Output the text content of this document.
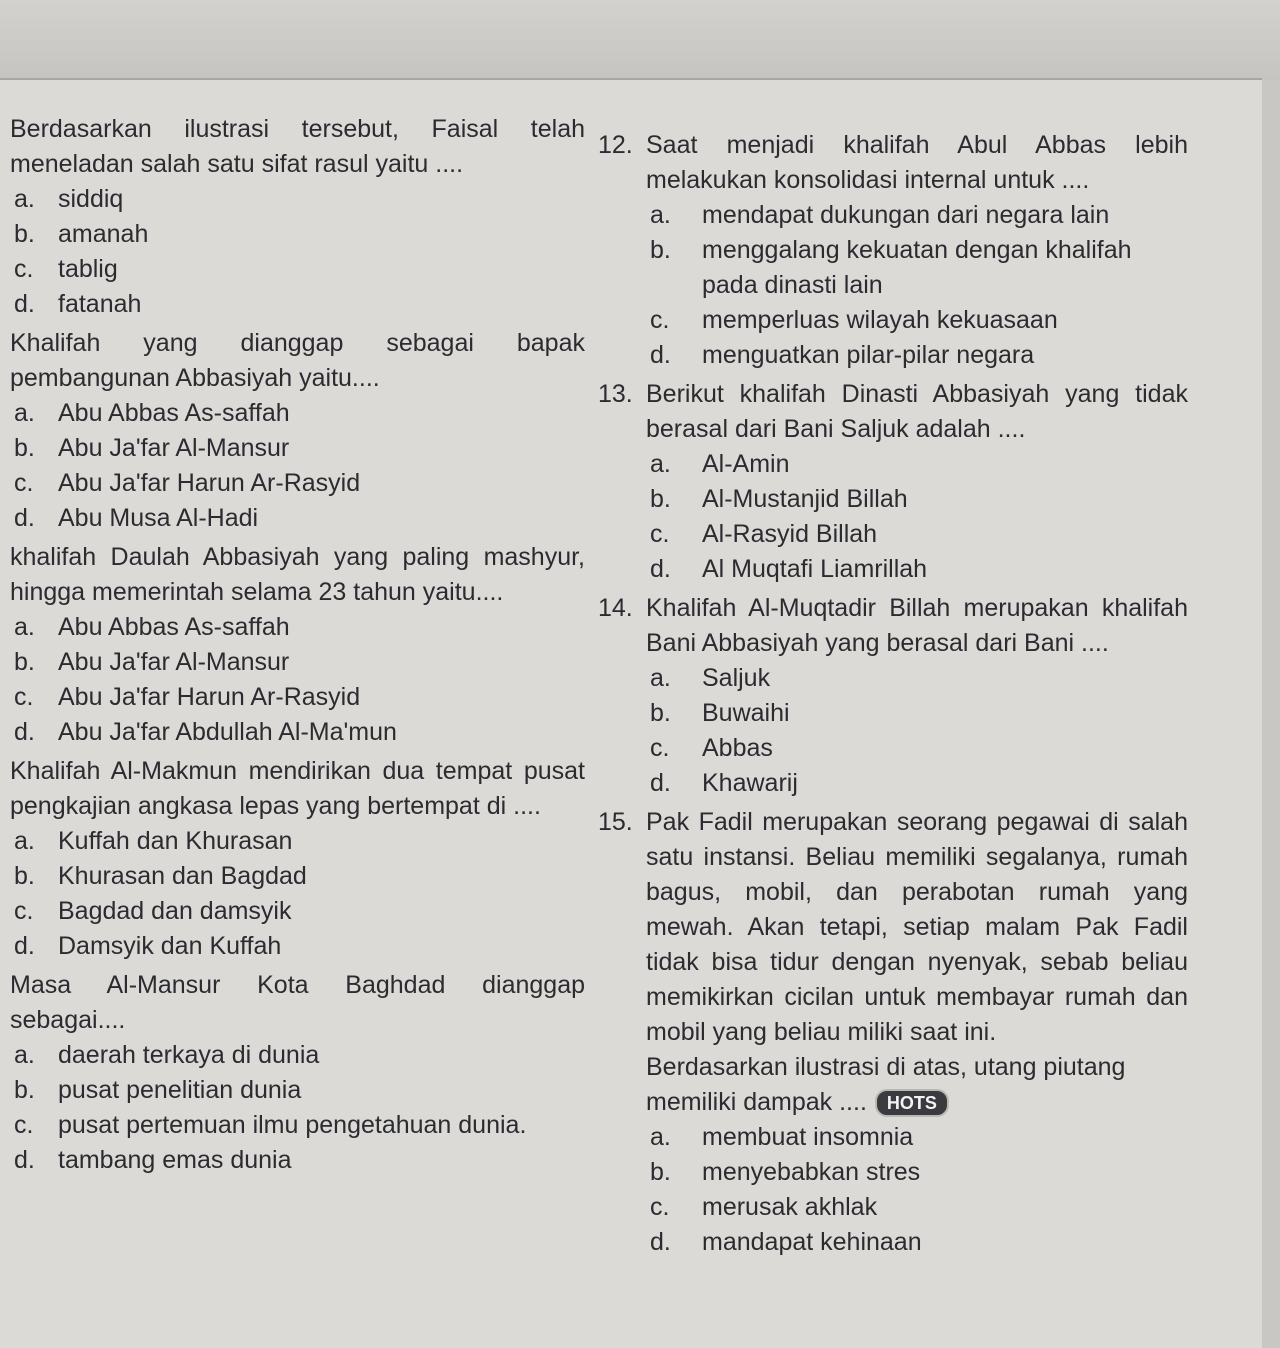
Berdasarkan ilustrasi tersebut, Faisal telah meneladan salah satu sifat rasul yaitu ....

a. siddiq
b. amanah
c. tablig
d. fatanah

Khalifah yang dianggap sebagai bapak pembangunan Abbasiyah yaitu....

a. Abu Abbas As-saffah
b. Abu Ja'far Al-Mansur
c. Abu Ja'far Harun Ar-Rasyid
d. Abu Musa Al-Hadi

khalifah Daulah Abbasiyah yang paling mashyur, hingga memerintah selama 23 tahun yaitu....

a. Abu Abbas As-saffah
b. Abu Ja'far Al-Mansur
c. Abu Ja'far Harun Ar-Rasyid
d. Abu Ja'far Abdullah Al-Ma'mun

Khalifah Al-Makmun mendirikan dua tempat pusat pengkajian angkasa lepas yang bertempat di ....

a. Kuffah dan Khurasan
b. Khurasan dan Bagdad
c. Bagdad dan damsyik
d. Damsyik dan Kuffah

Masa Al-Mansur Kota Baghdad dianggap sebagai....

a. daerah terkaya di dunia
b. pusat penelitian dunia
c. pusat pertemuan ilmu pengetahuan dunia.
d. tambang emas dunia
12. Saat menjadi khalifah Abul Abbas lebih melakukan konsolidasi internal untuk ....

a.	mendapat dukungan dari negara lain
b.	menggalang kekuatan dengan khalifah pada dinasti lain
c.	memperluas wilayah kekuasaan
d.	menguatkan pilar-pilar negara
13. Berikut khalifah Dinasti Abbasiyah yang tidak berasal dari Bani Saljuk adalah ....

a.	Al-Amin
b.	Al-Mustanjid Billah
c.	Al-Rasyid Billah
d.	Al Muqtafi Liamrillah
14. Khalifah Al-Muqtadir Billah merupakan khalifah Bani Abbasiyah yang berasal dari Bani ....

a.	Saljuk
b.	Buwaihi
c.	Abbas
d.	Khawarij
15. Pak Fadil merupakan seorang pegawai di salah satu instansi. Beliau memiliki segalanya, rumah bagus, mobil, dan perabotan rumah yang mewah. Akan tetapi, setiap malam Pak Fadil tidak bisa tidur dengan nyenyak, sebab beliau memikirkan cicilan untuk membayar rumah dan mobil yang beliau miliki saat ini.

Berdasarkan ilustrasi di atas, utang piutang memiliki dampak .... HOTS

a.	membuat insomnia
b.	menyebabkan stres
c.	merusak akhlak
d.	mandapat kehinaan
